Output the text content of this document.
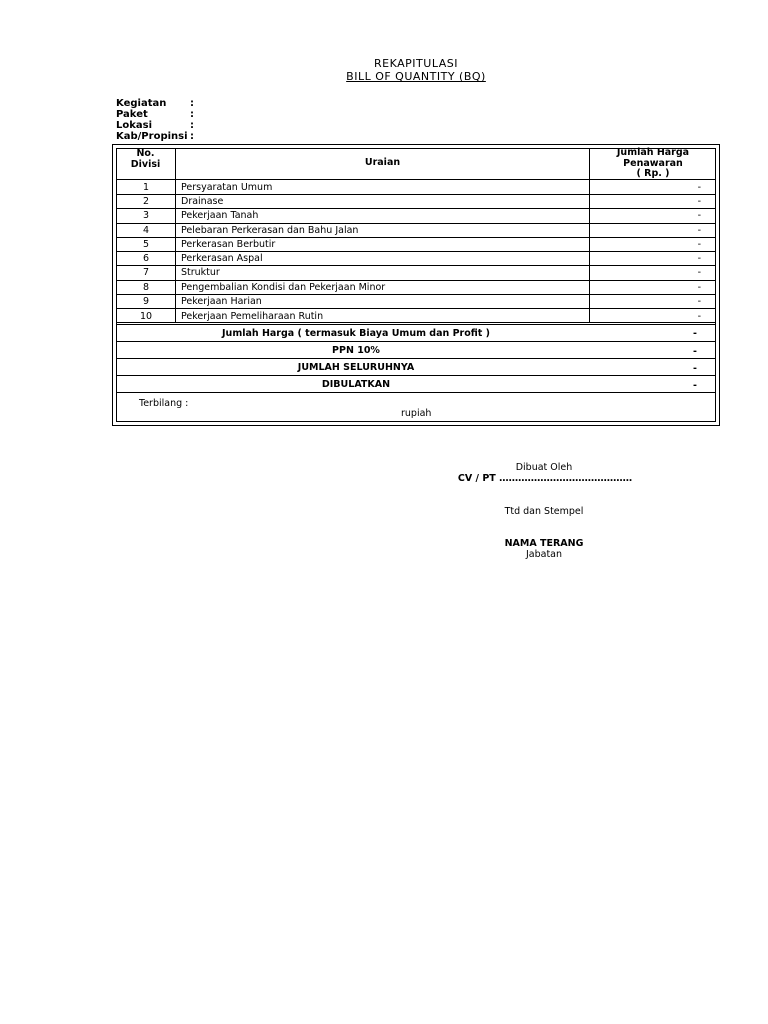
REKAPITULASI
BILL OF QUANTITY (BQ)
Kegiatan	:
Paket	:
Lokasi	:
Kab/Propinsi :
No.
Divisi	Uraian
Jumlah Harga
Penawaran
( Rp. )
1	Persyaratan Umum	-
2	Drainase	-
3	Pekerjaan Tanah	-
4	Pelebaran Perkerasan dan Bahu Jalan	-
5	Perkerasan Berbutir	-
6	Perkerasan Aspal	-
7	Struktur	-
8	Pengembalian Kondisi dan Pekerjaan Minor	-
9	Pekerjaan Harian	-
10	Pekerjaan Pemeliharaan Rutin	-
Jumlah Harga ( termasuk Biaya Umum dan Profit )	-
PPN 10%	-
JUMLAH SELURUHNYA	-
DIBULATKAN	-
Terbilang :
rupiah
Dibuat Oleh
CV / PT ……………………………………
Ttd dan Stempel
NAMA TERANG
Jabatan
